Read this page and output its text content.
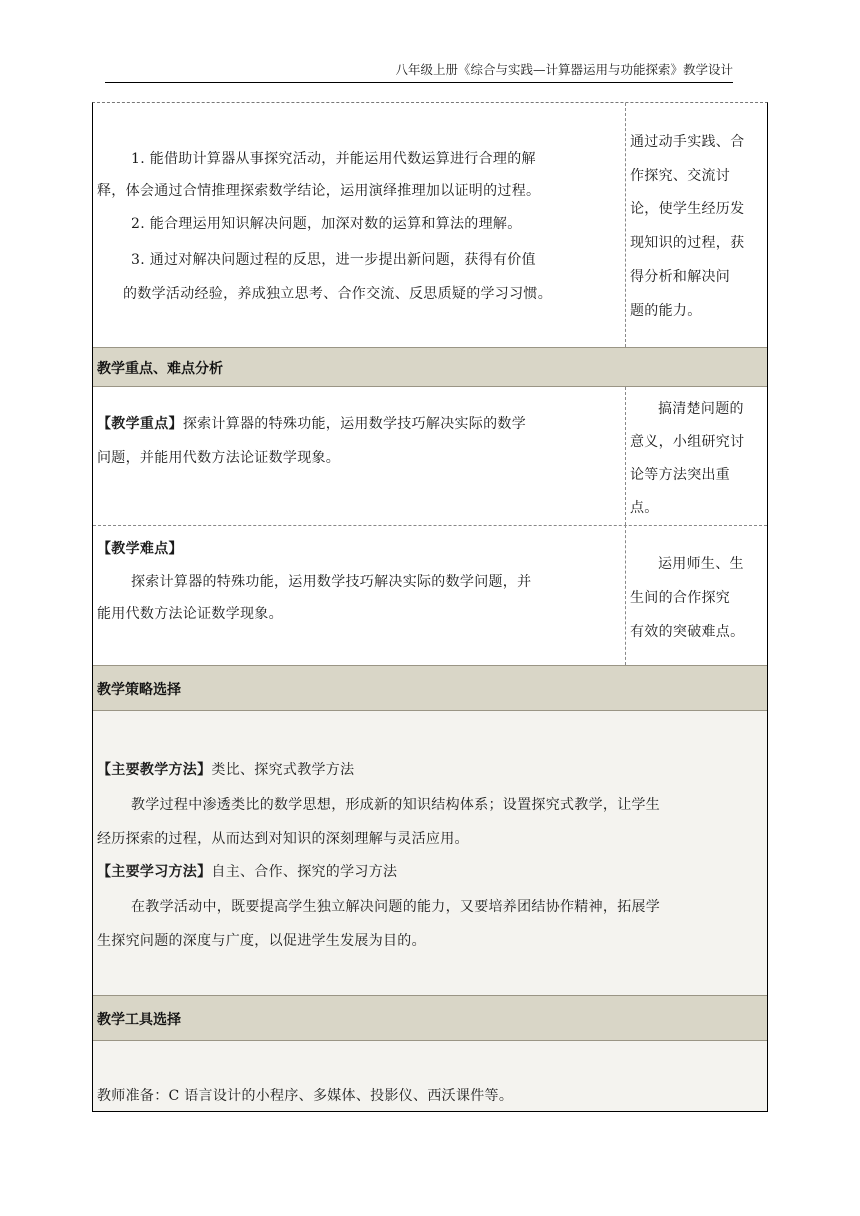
八年级上册《综合与实践—计算器运用与功能探索》教学设计
1. 能借助计算器从事探究活动，并能运用代数运算进行合理的解
释，体会通过合情推理探索数学结论，运用演绎推理加以证明的过程。
2. 能合理运用知识解决问题，加深对数的运算和算法的理解。
3. 通过对解决问题过程的反思，进一步提出新问题，获得有价值
的数学活动经验，养成独立思考、合作交流、反思质疑的学习习惯。
通过动手实践、合
作探究、交流讨
论，使学生经历发
现知识的过程，获
得分析和解决问
题的能力。
教学重点、难点分析
【教学重点】探索计算器的特殊功能，运用数学技巧解决实际的数学
问题，并能用代数方法论证数学现象。
搞清楚问题的
意义，小组研究讨
论等方法突出重
点。
【教学难点】
探索计算器的特殊功能，运用数学技巧解决实际的数学问题，并
能用代数方法论证数学现象。
运用师生、生
生间的合作探究
有效的突破难点。
教学策略选择
【主要教学方法】类比、探究式教学方法
教学过程中渗透类比的数学思想，形成新的知识结构体系；设置探究式教学，让学生
经历探索的过程，从而达到对知识的深刻理解与灵活应用。
【主要学习方法】自主、合作、探究的学习方法
在教学活动中，既要提高学生独立解决问题的能力，又要培养团结协作精神，拓展学
生探究问题的深度与广度，以促进学生发展为目的。
教学工具选择
教师准备：C 语言设计的小程序、多媒体、投影仪、西沃课件等。
